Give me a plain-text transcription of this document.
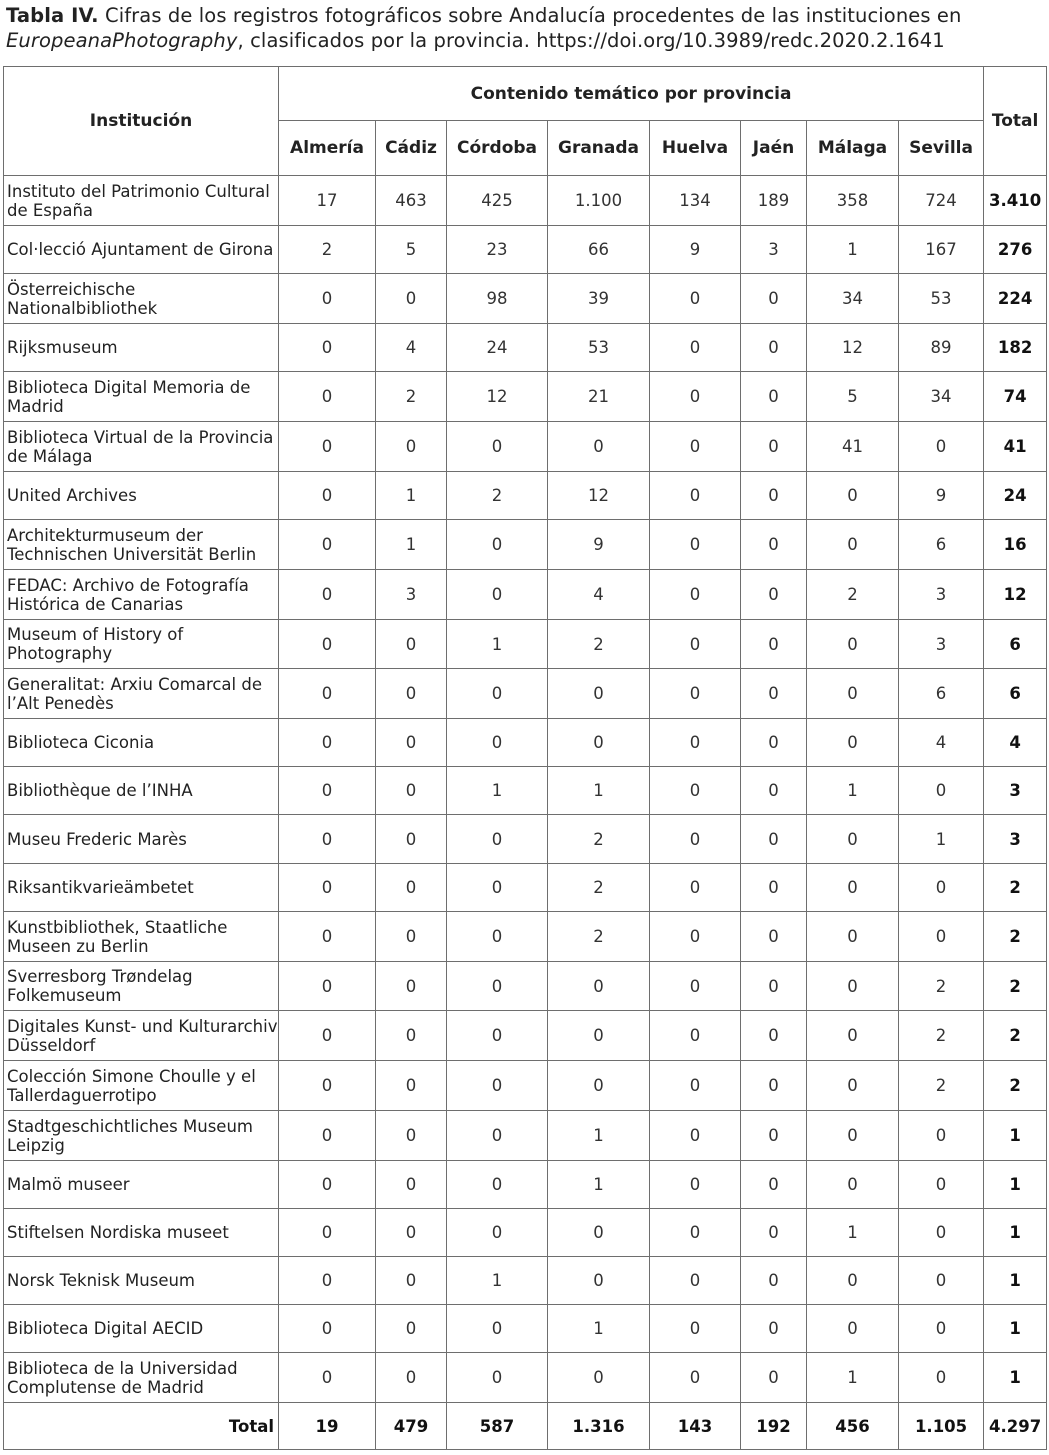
Tabla IV. Cifras de los registros fotográficos sobre Andalucía procedentes de las instituciones en EuropeanaPhotography, clasificados por la provincia. https://doi.org/10.3989/redc.2020.2.1641
Institución	Contenido temático por provincia								Total
	Almería	Cádiz	Córdoba	Granada	Huelva	Jaén	Málaga	Sevilla	
Instituto del Patrimonio Cultural de España	17	463	425	1.100	134	189	358	724	3.410
Col·lecció Ajuntament de Girona	2	5	23	66	9	3	1	167	276
Österreichische Nationalbibliothek	0	0	98	39	0	0	34	53	224
Rijksmuseum	0	4	24	53	0	0	12	89	182
Biblioteca Digital Memoria de Madrid	0	2	12	21	0	0	5	34	74
Biblioteca Virtual de la Provincia de Málaga	0	0	0	0	0	0	41	0	41
United Archives	0	1	2	12	0	0	0	9	24
Architekturmuseum der Technischen Universität Berlin	0	1	0	9	0	0	0	6	16
FEDAC: Archivo de Fotografía Histórica de Canarias	0	3	0	4	0	0	2	3	12
Museum of History of Photography	0	0	1	2	0	0	0	3	6
Generalitat: Arxiu Comarcal de l’Alt Penedès	0	0	0	0	0	0	0	6	6
Biblioteca Ciconia	0	0	0	0	0	0	0	4	4
Bibliothèque de l’INHA	0	0	1	1	0	0	1	0	3
Museu Frederic Marès	0	0	0	2	0	0	0	1	3
Riksantikvarieämbetet	0	0	0	2	0	0	0	0	2
Kunstbibliothek, Staatliche Museen zu Berlin	0	0	0	2	0	0	0	0	2
Sverresborg Trøndelag Folkemuseum	0	0	0	0	0	0	0	2	2
Digitales Kunst- und Kulturarchiv Düsseldorf	0	0	0	0	0	0	0	2	2
Colección Simone Choulle y el Tallerdaguerrotipo	0	0	0	0	0	0	0	2	2
Stadtgeschichtliches Museum Leipzig	0	0	0	1	0	0	0	0	1
Malmö museer	0	0	0	1	0	0	0	0	1
Stiftelsen Nordiska museet	0	0	0	0	0	0	1	0	1
Norsk Teknisk Museum	0	0	1	0	0	0	0	0	1
Biblioteca Digital AECID	0	0	0	1	0	0	0	0	1
Biblioteca de la Universidad Complutense de Madrid	0	0	0	0	0	0	1	0	1
Total	19	479	587	1.316	143	192	456	1.105	4.297
